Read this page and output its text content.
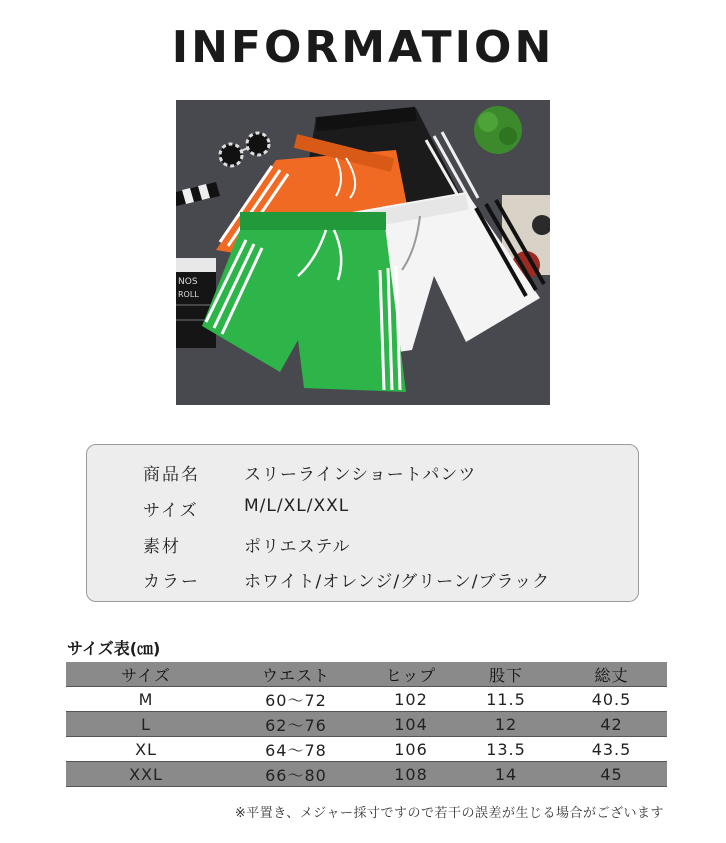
INFORMATION
NOS
ROLL
商品名	スリーラインショートパンツ
サイズ	M/L/XL/XXL
素材	ポリエステル
カラー	ホワイト/オレンジ/グリーン/ブラック
サイズ表(㎝)
サイズ	ウエスト	ヒップ	股下	総丈
M	60～72	102	11.5	40.5
L	62～76	104	12	42
XL	64～78	106	13.5	43.5
XXL	66～80	108	14	45
※平置き、メジャー採寸ですので若干の誤差が生じる場合がございます
